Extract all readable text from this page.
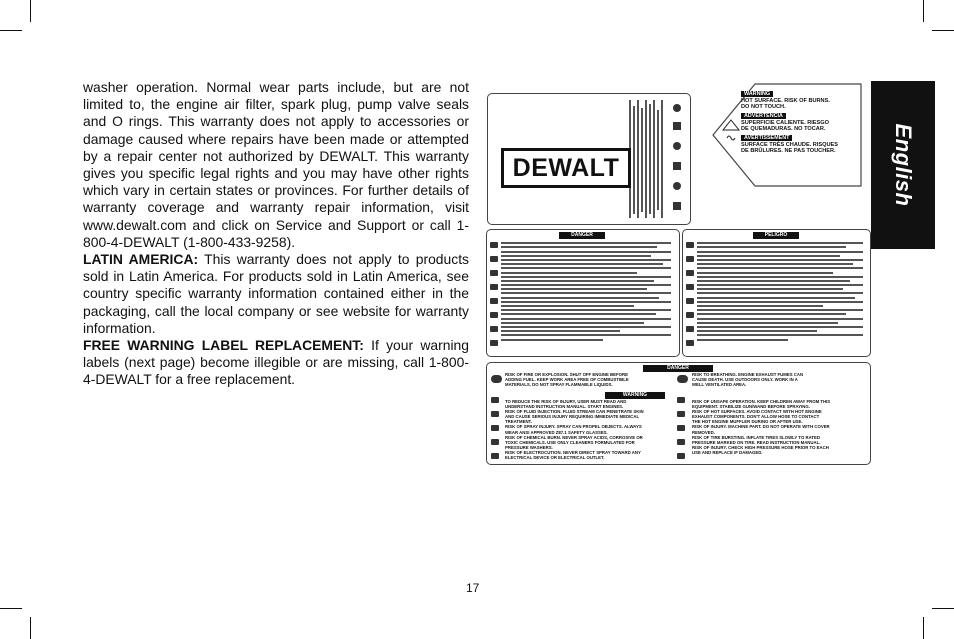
washer operation. Normal wear parts include, but are not limited to, the engine air filter, spark plug, pump valve seals and O rings. This warranty does not apply to accessories or damage caused where repairs have been made or attempted by a repair center not authorized by DEWALT. This warranty gives you specific legal rights and you may have other rights which vary in certain states or provinces. For further details of warranty coverage and warranty repair information, visit www.dewalt.com and click on Service and Support or call 1-800-4-DEWALT (1-800-433-9258).

LATIN AMERICA: This warranty does not apply to products sold in Latin America. For products sold in Latin America, see country specific warranty information contained either in the packaging, call the local company or see website for warranty information.

FREE WARNING LABEL REPLACEMENT: If your warning labels (next page) become illegible or are missing, call 1-800-4-DEWALT for a free replacement.

English
DEWALT
WARNING
HOT SURFACE. RISK OF BURNS.
DO NOT TOUCH.
ADVERTENCIA
SUPERFICIE CALIENTE. RIESGO
DE QUEMADURAS. NO TOCAR.
AVERTISSEMENT
SURFACE TRÈS CHAUDE. RISQUES
DE BRÛLURES. NE PAS TOUCHER.
DANGER	PELIGRO
DANGER
WARNING
RISK OF FIRE OR EXPLOSION. SHUT OFF ENGINE BEFORE
ADDING FUEL. KEEP WORK AREA FREE OF COMBUSTIBLE
MATERIALS. DO NOT SPRAY FLAMMABLE LIQUIDS.
RISK TO BREATHING. ENGINE EXHAUST FUMES CAN
CAUSE DEATH. USE OUTDOORS ONLY. WORK IN A
WELL VENTILATED AREA.
TO REDUCE THE RISK OF INJURY, USER MUST READ AND
UNDERSTAND INSTRUCTION MANUAL. START ENGINES.
RISK OF FLUID INJECTION. FLUID STREAM CAN PENETRATE SKIN
AND CAUSE SERIOUS INJURY REQUIRING IMMEDIATE MEDICAL
TREATMENT.
RISK OF SPRAY INJURY. SPRAY CAN PROPEL OBJECTS. ALWAYS
WEAR ANSI APPROVED Z87.1 SAFETY GLASSES.
RISK OF CHEMICAL BURN. NEVER SPRAY ACIDS, CORROSIVE OR
TOXIC CHEMICALS. USE ONLY CLEANERS FORMULATED FOR
PRESSURE WASHERS.
RISK OF ELECTROCUTION. NEVER DIRECT SPRAY TOWARD ANY
ELECTRICAL DEVICE OR ELECTRICAL OUTLET.
RISK OF UNSAFE OPERATION. KEEP CHILDREN AWAY FROM THIS
EQUIPMENT. STABILIZE GUN/WAND BEFORE SPRAYING.
RISK OF HOT SURFACES. AVOID CONTACT WITH HOT ENGINE
EXHAUST COMPONENTS. DON'T ALLOW HOSE TO CONTACT
THE HOT ENGINE MUFFLER DURING OR AFTER USE.
RISK OF INJURY. MACHINE PART. DO NOT OPERATE WITH COVER
REMOVED.
RISK OF TIRE BURSTING. INFLATE TIRES SLOWLY TO RATED
PRESSURE MARKED ON TIRE. READ INSTRUCTION MANUAL.
RISK OF INJURY. CHECK HIGH PRESSURE HOSE PRIOR TO EACH
USE AND REPLACE IF DAMAGED.
17
